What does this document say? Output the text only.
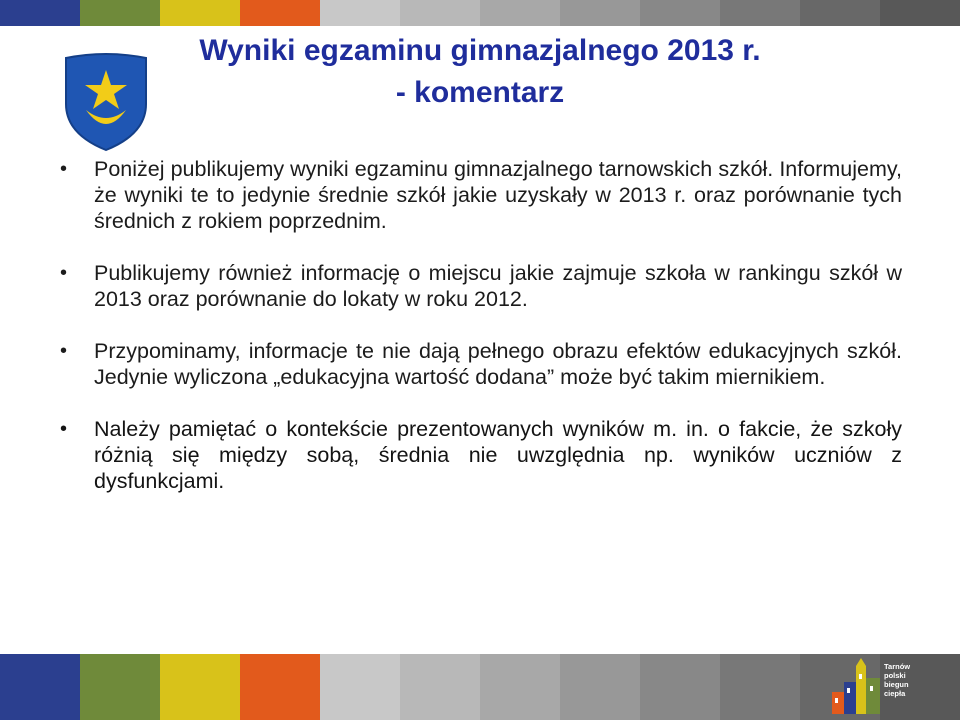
Wyniki egzaminu gimnazjalnego 2013 r.
- komentarz
• Poniżej publikujemy wyniki egzaminu gimnazjalnego tarnowskich szkół. Informujemy, że wyniki te to jedynie średnie szkół jakie uzyskały w 2013 r. oraz porównanie tych średnich z rokiem poprzednim.
• Publikujemy również informację o miejscu jakie zajmuje szkoła w rankingu szkół w 2013 oraz porównanie do lokaty w roku 2012.
• Przypominamy, informacje te nie dają pełnego obrazu efektów edukacyjnych szkół. Jedynie wyliczona „edukacyjna wartość dodana” może być takim miernikiem.
• Należy pamiętać o kontekście prezentowanych wyników m. in. o fakcie, że szkoły różnią się między sobą, średnia nie uwzględnia np. wyników uczniów z dysfunkcjami.
Tarnów
polski
biegun
ciepła
